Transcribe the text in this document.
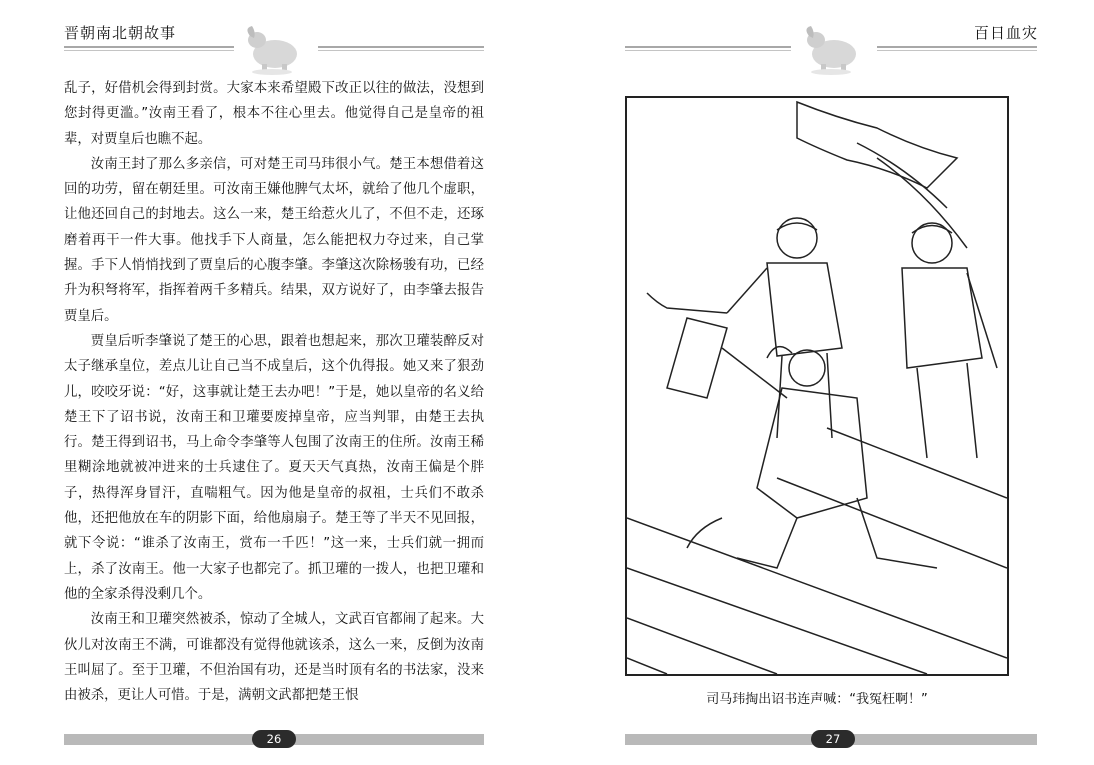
晋朝南北朝故事

乱子，好借机会得到封赏。大家本来希望殿下改正以往的做法，没想到您封得更滥。”汝南王看了，根本不往心里去。他觉得自己是皇帝的祖辈，对贾皇后也瞧不起。

汝南王封了那么多亲信，可对楚王司马玮很小气。楚王本想借着这回的功劳，留在朝廷里。可汝南王嫌他脾气太坏，就给了他几个虚职，让他还回自己的封地去。这么一来，楚王给惹火儿了，不但不走，还琢磨着再干一件大事。他找手下人商量，怎么能把权力夺过来，自己掌握。手下人悄悄找到了贾皇后的心腹李肇。李肇这次除杨骏有功，已经升为积弩将军，指挥着两千多精兵。结果，双方说好了，由李肇去报告贾皇后。

贾皇后听李肇说了楚王的心思，跟着也想起来，那次卫瓘装醉反对太子继承皇位，差点儿让自己当不成皇后，这个仇得报。她又来了狠劲儿，咬咬牙说：“好，这事就让楚王去办吧！”于是，她以皇帝的名义给楚王下了诏书说，汝南王和卫瓘要废掉皇帝，应当判罪，由楚王去执行。楚王得到诏书，马上命令李肇等人包围了汝南王的住所。汝南王稀里糊涂地就被冲进来的士兵逮住了。夏天天气真热，汝南王偏是个胖子，热得浑身冒汗，直喘粗气。因为他是皇帝的叔祖，士兵们不敢杀他，还把他放在车的阴影下面，给他扇扇子。楚王等了半天不见回报，就下令说：“谁杀了汝南王，赏布一千匹！”这一来，士兵们就一拥而上，杀了汝南王。他一大家子也都完了。抓卫瓘的一拨人，也把卫瓘和他的全家杀得没剩几个。

汝南王和卫瓘突然被杀，惊动了全城人，文武百官都闹了起来。大伙儿对汝南王不满，可谁都没有觉得他就该杀，这么一来，反倒为汝南王叫屈了。至于卫瓘，不但治国有功，还是当时顶有名的书法家，没来由被杀，更让人可惜。于是，满朝文武都把楚王恨

26
百日血灾
司马玮掏出诏书连声喊：“我冤枉啊！”
27
